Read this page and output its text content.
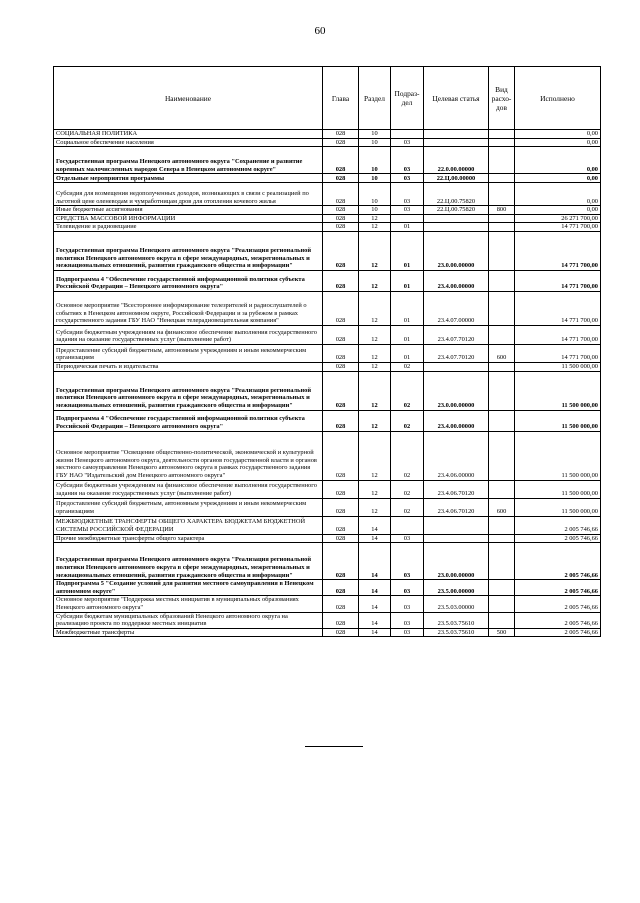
60
Наименование	Глава	Раздел	Подраз-дел	Целевая статья	Вид расхо-дов	Исполнено
СОЦИАЛЬНАЯ ПОЛИТИКА	028	10				0,00
Социальное обеспечение населения	028	10	03			0,00
Государственная программа Ненецкого автономного округа "Сохранение и развитие коренных малочисленных народов Севера в Ненецком автономном округе"	028	10	03	22.0.00.00000		0,00
Отдельные мероприятия программы	028	10	03	22.Ц.00.00000		0,00
Субсидия для возмещения недополученных доходов, возникающих в связи с реализацией по льготной цене оленеводам и чумработницам дров для отопления кочевого жилья	028	10	03	22.Ц.00.75820		0,00
Иные бюджетные ассигнования	028	10	03	22.Ц.00.75820	800	0,00
СРЕДСТВА МАССОВОЙ ИНФОРМАЦИИ	028	12				26 271 700,00
Телевидение и радиовещание	028	12	01			14 771 700,00
Государственная программа Ненецкого автономного округа "Реализация региональной политики Ненецкого автономного округа в сфере международных, межрегиональных и межнациональных отношений, развития гражданского общества и информации"	028	12	01	23.0.00.00000		14 771 700,00
Подпрограмма 4 "Обеспечение государственной информационной политики субъекта Российской Федерации – Ненецкого автономного округа"	028	12	01	23.4.00.00000		14 771 700,00
Основное мероприятие "Всестороннее информирование телезрителей и радиослушателей о событиях в Ненецком автономном округе, Российской Федерации и за рубежом в рамках государственного задания ГБУ НАО "Ненецкая телерадиовещательная компания"	028	12	01	23.4.07.00000		14 771 700,00
Субсидии бюджетным учреждениям на финансовое обеспечение выполнения государственного задания на оказание государственных услуг (выполнение работ)	028	12	01	23.4.07.70120		14 771 700,00
Предоставление субсидий бюджетным, автономным учреждениям и иным некоммерческим организациям	028	12	01	23.4.07.70120	600	14 771 700,00
Периодическая печать и издательства	028	12	02			11 500 000,00
Государственная программа Ненецкого автономного округа "Реализация региональной политики Ненецкого автономного округа в сфере международных, межрегиональных и межнациональных отношений, развития гражданского общества и информации"	028	12	02	23.0.00.00000		11 500 000,00
Подпрограмма 4 "Обеспечение государственной информационной политики субъекта Российской Федерации – Ненецкого автономного округа"	028	12	02	23.4.00.00000		11 500 000,00
Основное мероприятие "Освещение общественно-политической, экономической и культурной жизни Ненецкого автономного округа, деятельности органов государственной власти и органов местного самоуправления Ненецкого автономного округа в рамках государственного задания ГБУ НАО "Издательский дом Ненецкого автономного округа"	028	12	02	23.4.06.00000		11 500 000,00
Субсидии бюджетным учреждениям на финансовое обеспечение выполнения государственного задания на оказание государственных услуг (выполнение работ)	028	12	02	23.4.06.70120		11 500 000,00
Предоставление субсидий бюджетным, автономным учреждениям и иным некоммерческим организациям	028	12	02	23.4.06.70120	600	11 500 000,00
МЕЖБЮДЖЕТНЫЕ ТРАНСФЕРТЫ ОБЩЕГО ХАРАКТЕРА БЮДЖЕТАМ БЮДЖЕТНОЙ СИСТЕМЫ РОССИЙСКОЙ ФЕДЕРАЦИИ	028	14				2 005 746,66
Прочие межбюджетные трансферты общего характера	028	14	03			2 005 746,66
Государственная программа Ненецкого автономного округа "Реализация региональной политики Ненецкого автономного округа в сфере международных, межрегиональных и межнациональных отношений, развития гражданского общества и информации"	028	14	03	23.0.00.00000		2 005 746,66
Подпрограмма 5 "Создание условий для развития местного самоуправления в Ненецком автономном округе"	028	14	03	23.5.00.00000		2 005 746,66
Основное мероприятие "Поддержка местных инициатив в муниципальных образованиях Ненецкого автономного округа"	028	14	03	23.5.03.00000		2 005 746,66
Субсидии бюджетам муниципальных образований Ненецкого автономного округа на реализацию проекта по поддержке местных инициатив	028	14	03	23.5.03.75610		2 005 746,66
Межбюджетные трансферты	028	14	03	23.5.03.75610	500	2 005 746,66
